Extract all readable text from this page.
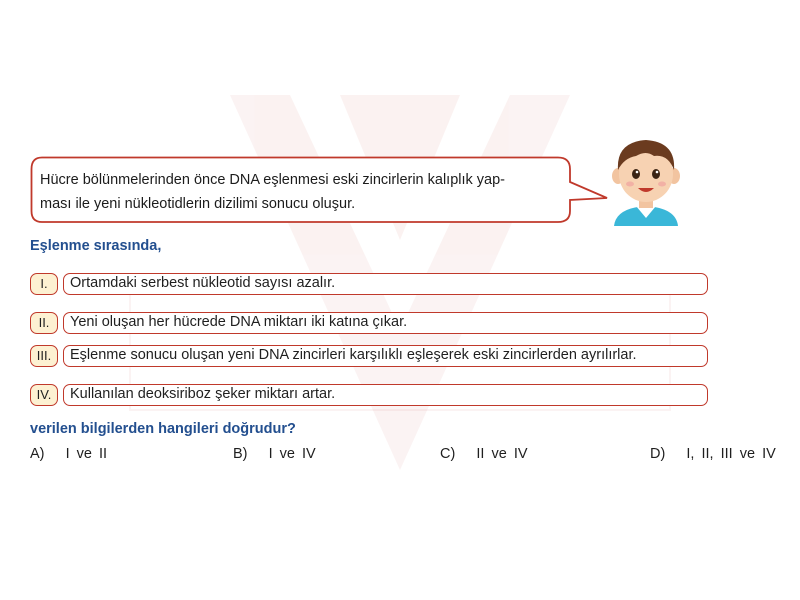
Hücre bölünmelerinden önce DNA eşlenmesi eski zincirlerin kalıplık yap-
ması ile yeni nükleotidlerin dizilimi sonucu oluşur.
Eşlenme sırasında,
I.	Ortamdaki serbest nükleotid sayısı azalır.
II.	Yeni oluşan her hücrede DNA miktarı iki katına çıkar.
III.	Eşlenme sonucu oluşan yeni DNA zincirleri karşılıklı eşleşerek eski zincirlerden ayrılırlar.
IV.	Kullanılan deoksiriboz şeker miktarı artar.
verilen bilgilerden hangileri doğrudur?
A) I ve II	B) I ve IV	C) II ve IV	D) I, II, III ve IV
